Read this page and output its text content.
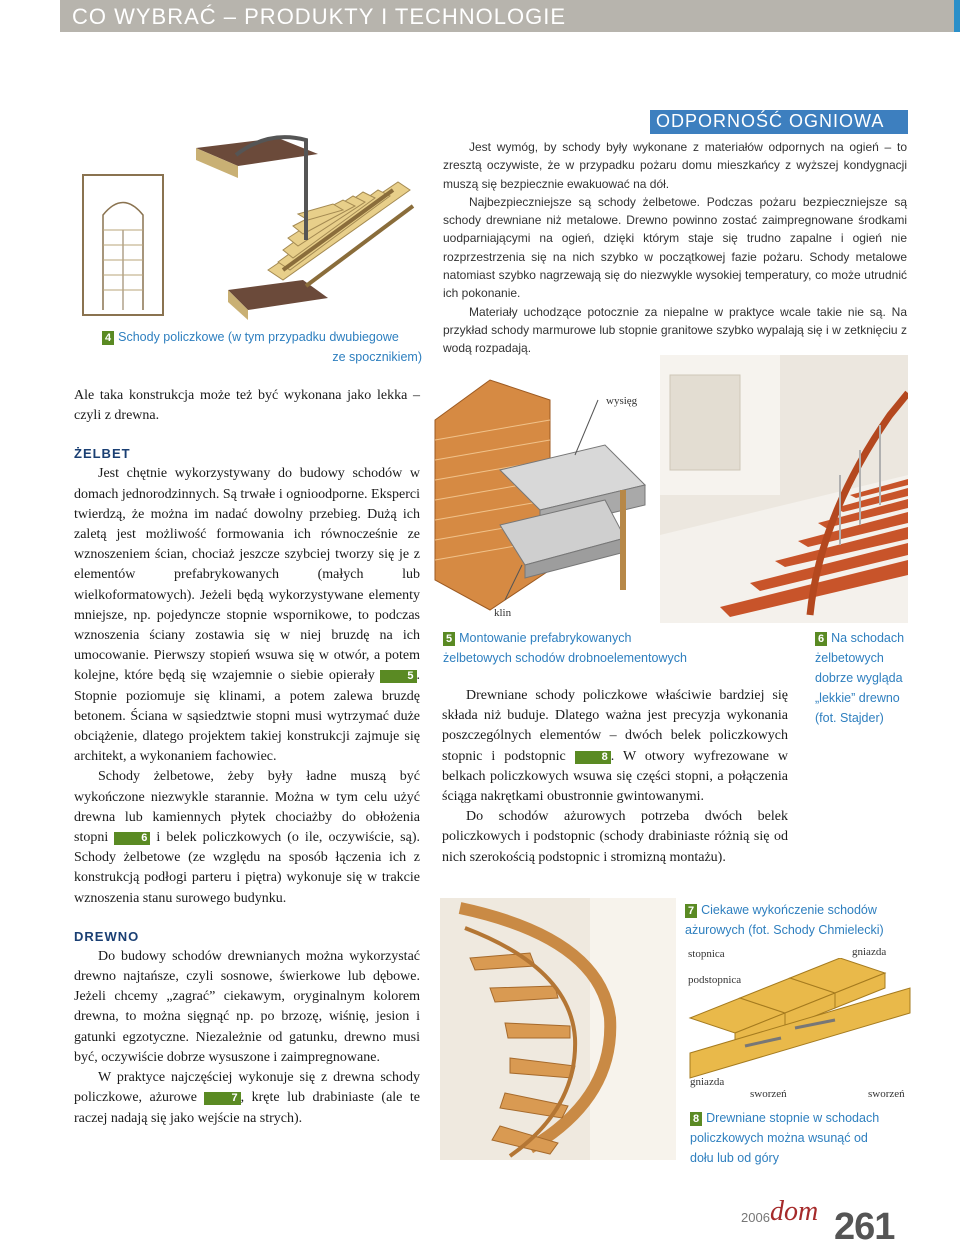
CO WYBRAĆ – PRODUKTY I TECHNOLOGIE
4 Schody policzkowe (w tym przypadku dwubiegowe
ze spocznikiem)
ODPORNOŚĆ OGNIOWA

Jest wymóg, by schody były wykonane z materiałów odpornych na ogień – to zresztą oczywiste, że w przypadku pożaru domu mieszkańcy z wyższej kondygnacji muszą się bezpiecznie ewakuować na dół.

Najbezpieczniejsze są schody żelbetowe. Podczas pożaru bezpieczniejsze są schody drewniane niż metalowe. Drewno powinno zostać zaimpregnowane środkami uodparniającymi na ogień, dzięki którym staje się trudno zapalne i ogień nie rozprzestrzenia się na nich szybko w początkowej fazie pożaru. Schody metalowe natomiast szybko nagrzewają się do niezwykle wysokiej temperatury, co może utrudnić ich pokonanie.

Materiały uchodzące potocznie za niepalne w praktyce wcale takie nie są. Na przykład schody marmurowe lub stopnie granitowe szybko wypalają się i w zetknięciu z wodą rozpadają.

Ale taka konstrukcja może też być wykonana jako lekka – czyli z drewna.

ŻELBET

Jest chętnie wykorzystywany do budowy schodów w domach jednorodzinnych. Są trwałe i ognioodporne. Eksperci twierdzą, że można im nadać dowolny przebieg. Dużą ich zaletą jest możliwość formowania ich równocześnie ze wznoszeniem ścian, chociaż jeszcze szybciej tworzy się je z elementów prefabrykowanych (małych lub wielkoformatowych). Jeżeli będą wykorzystywane elementy mniejsze, np. pojedyncze stopnie wspornikowe, to podczas wznoszenia ściany zostawia się w niej bruzdę na ich umocowanie. Pierwszy stopień wsuwa się w otwór, a potem kolejne, które będą się wzajemnie o siebie opierały	5 . Stopnie poziomuje się klinami, a potem zalewa bruzdę betonem. Ściana w sąsiedztwie stopni musi wytrzymać duże obciążenie, dlatego projektem takiej konstrukcji zajmuje się architekt, a wykonaniem fachowiec.

Schody żelbetowe, żeby były ładne muszą być wykończone niezwykle starannie. Można w tym celu użyć drewna lub kamiennych płytek chociażby do obłożenia stopni	6 i belek policzkowych (o ile, oczywiście, są). Schody żelbetowe (ze względu na sposób łączenia ich z konstrukcją podłogi parteru i piętra) wykonuje się w trakcie wznoszenia stanu surowego budynku.

DREWNO

Do budowy schodów drewnianych można wykorzystać drewno najtańsze, czyli sosnowe, świerkowe lub dębowe. Jeżeli chcemy „zagrać” ciekawym, oryginalnym kolorem drewna, to można sięgnąć np. po brzozę, wiśnię, jesion i gatunki egzotyczne. Niezależnie od gatunku, drewno musi być, oczywiście dobrze wysuszone i zaimpregnowane.

W praktyce najczęściej wykonuje się z drewna schody policzkowe, ażurowe	7 , kręte lub drabiniaste (ale te raczej nadają się jako wejście na strych).

wysięg
klin
5 Montowanie prefabrykowanych
żelbetowych schodów drobnoelementowych
6 Na schodach
żelbetowych
dobrze wygląda
„lekkie” drewno
(fot. Stajder)

Drewniane schody policzkowe właściwie bardziej się składa niż buduje. Dlatego ważna jest precyzja wykonania poszczególnych elementów – dwóch belek policzkowych stopnic i podstopnic	8 . W otwory wyfrezowane w belkach policzkowych wsuwa się części stopni, a połączenia ściąga nakrętkami obustronnie gwintowanymi.

Do schodów ażurowych potrzeba dwóch belek policzkowych i podstopnic (schody drabiniaste różnią się od nich szerokością podstopnic i stromizną montażu).

7 Ciekawe wykończenie schodów
ażurowych (fot. Schody Chmielecki)
stopnica	gniazda
podstopnica
gniazda
sworzeń	sworzeń
8 Drewniane stopnie w schodach
policzkowych można wsunąć od
dołu lub od góry
2006 dom 261
